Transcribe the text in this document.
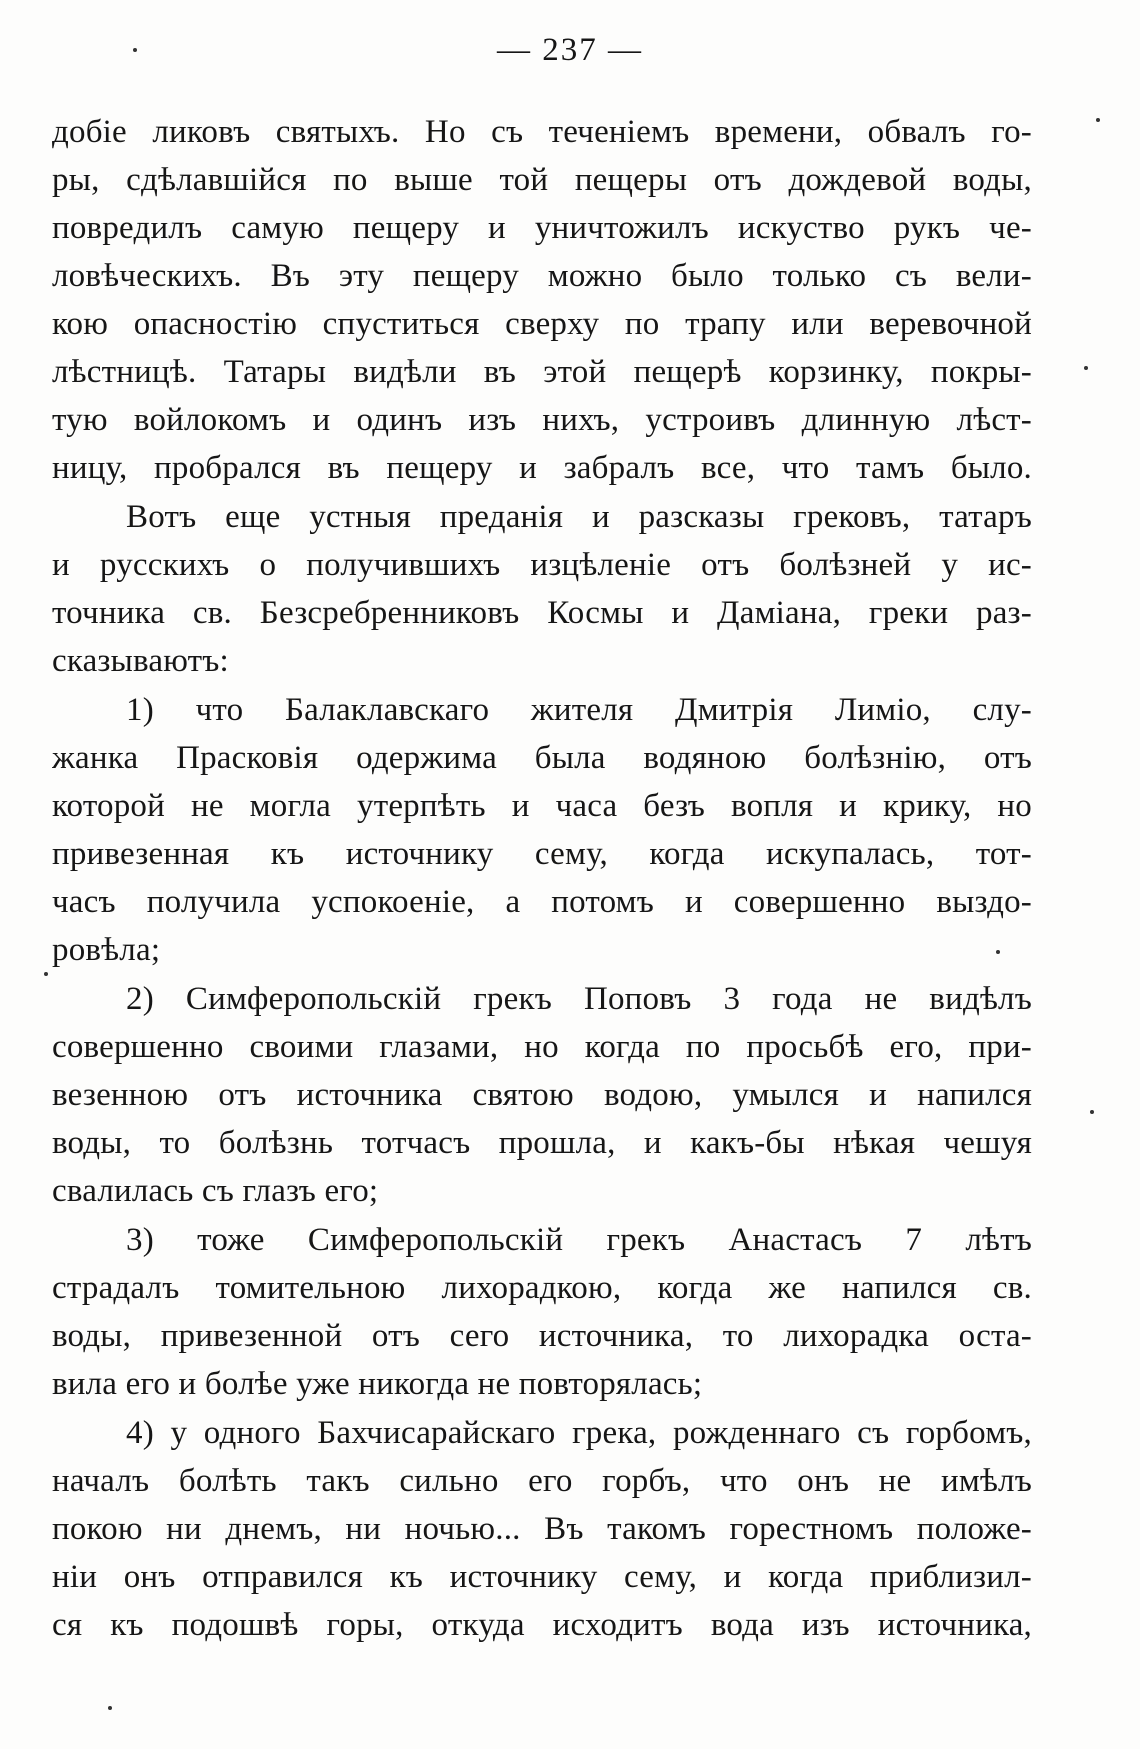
— 237 —
добіе ликовъ святыхъ. Но съ теченіемъ времени, обвалъ го-
ры, сдѣлавшійся по выше той пещеры отъ дождевой воды,
повредилъ самую пещеру и уничтожилъ искуство рукъ че-
ловѣческихъ. Въ эту пещеру можно было только съ вели-
кою опасностію спуститься сверху по трапу или веревочной
лѣстницѣ. Татары видѣли въ этой пещерѣ корзинку, покры-
тую войлокомъ и одинъ изъ нихъ, устроивъ длинную лѣст-
ницу, пробрался въ пещеру и забралъ все, что тамъ было.
Вотъ еще устныя преданія и разсказы грековъ, татаръ
и русскихъ о получившихъ изцѣленіе отъ болѣзней у ис-
точника св. Безсребренниковъ Космы и Даміана, греки раз-
сказываютъ:
1) что Балаклавскаго жителя Дмитрія Лиміо, слу-
жанка Прасковія одержима была водяною болѣзнію, отъ
которой не могла утерпѣть и часа безъ вопля и крику, но
привезенная къ источнику сему, когда искупалась, тот-
часъ получила успокоеніе, а потомъ и совершенно выздо-
ровѣла;
2) Симферопольскій грекъ Поповъ 3 года не видѣлъ
совершенно своими глазами, но когда по просьбѣ его, при-
везенною отъ источника святою водою, умылся и напился
воды, то болѣзнь тотчасъ прошла, и какъ-бы нѣкая чешуя
свалилась съ глазъ его;
3) тоже Симферопольскій грекъ Анастасъ 7 лѣтъ
страдалъ томительною лихорадкою, когда же напился св.
воды, привезенной отъ сего источника, то лихорадка оста-
вила его и болѣе уже никогда не повторялась;
4) у одного Бахчисарайскаго грека, рожденнаго съ горбомъ,
началъ болѣть такъ сильно его горбъ, что онъ не имѣлъ
покою ни днемъ, ни ночью... Въ такомъ горестномъ положе-
ніи онъ отправился къ источнику сему, и когда приблизил-
ся къ подошвѣ горы, откуда исходитъ вода изъ источника,
